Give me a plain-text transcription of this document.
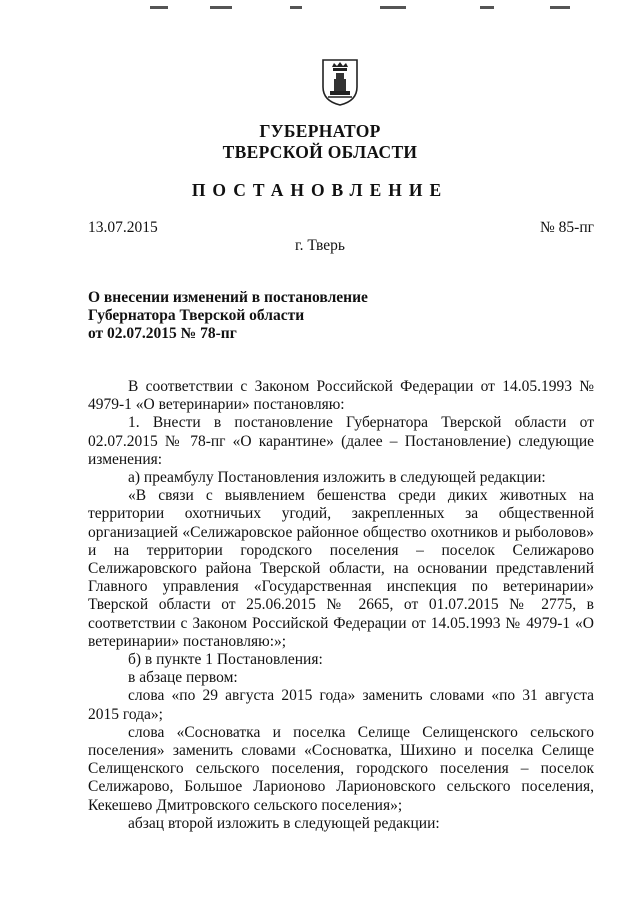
ГУБЕРНАТОР
ТВЕРСКОЙ ОБЛАСТИ
ПОСТАНОВЛЕНИЕ
13.07.2015	№ 85-пг
г. Тверь
О внесении изменений в постановление
Губернатора Тверской области
от 02.07.2015 № 78-пг

В соответствии с Законом Российской Федерации от 14.05.1993 № 4979-1 «О ветеринарии» постановляю:

1. Внести в постановление Губернатора Тверской области от 02.07.2015 № 78-пг «О карантине» (далее – Постановление) следующие изменения:

а) преамбулу Постановления изложить в следующей редакции:

«В связи с выявлением бешенства среди диких животных на территории охотничьих угодий, закрепленных за общественной организацией «Селижаровское районное общество охотников и рыболовов» и на территории городского поселения – поселок Селижарово Селижаровского района Тверской области, на основании представлений Главного управления «Государственная инспекция по ветеринарии» Тверской области от 25.06.2015 № 2665, от 01.07.2015 № 2775, в соответствии с Законом Российской Федерации от 14.05.1993 № 4979-1 «О ветеринарии» постановляю:»;

б) в пункте 1 Постановления:

в абзаце первом:

слова «по 29 августа 2015 года» заменить словами «по 31 августа 2015 года»;

слова «Сосноватка и поселка Селище Селищенского сельского поселения» заменить словами «Сосноватка, Шихино и поселка Селище Селищенского сельского поселения, городского поселения – поселок Селижарово, Большое Ларионово Ларионовского сельского поселения, Кекешево Дмитровского сельского поселения»;

абзац второй изложить в следующей редакции:
